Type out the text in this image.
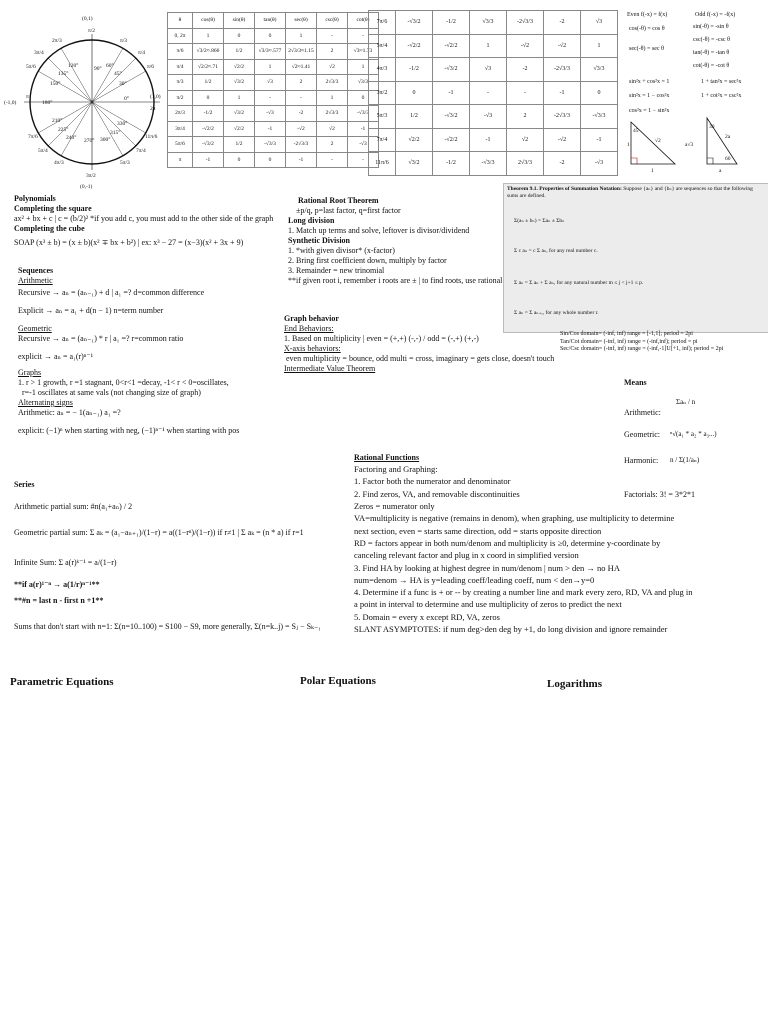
(0,1)
(0,-1)
(-1,0)
(1,0)
90° 60°
45°
30°
0°
330°
315°
300°
270°
240°
225°
210°
180°
150°
135°
120°
π/2
π/3
π/4
π/6
2π
11π/6
7π/4
5π/3
3π/2
4π/3
5π/4
7π/6
π
5π/6
3π/4
2π/3
θ	cos(θ)	sin(θ)	tan(θ)	sec(θ)	csc(θ)	cot(θ)
0, 2π	1	0	0	1	-	-
π/6	√3/2≈.866	1/2	√3/3≈.577	2√3/3≈1.15	2	√3≈1.73
π/4	√2/2≈.71	√2/2	1	√2≈1.41	√2	1
π/3	1/2	√3/2	√3	2	2√3/3	√3/3
π/2	0	1	-	-	1	0
2π/3	-1/2	√3/2	-√3	-2	2√3/3	-√3/3
3π/4	-√2/2	√2/2	-1	-√2	√2	-1
5π/6	-√3/2	1/2	-√3/3	-2√3/3	2	-√3
π	-1	0	0	-1	-	-
7π/6	-√3/2	-1/2	√3/3	-2√3/3	-2	√3
5π/4	-√2/2	-√2/2	1	-√2	-√2	1
4π/3	-1/2	-√3/2	√3	-2	-2√3/3	√3/3
3π/2	0	-1	-	-	-1	0
5π/3	1/2	-√3/2	-√3	2	-2√3/3	-√3/3
7π/4	√2/2	-√2/2	-1	√2	-√2	-1
11π/6	√3/2	-1/2	-√3/3	2√3/3	-2	-√3
Even f(-x) = f(x)	Odd f(-x) = -f(x)
cos(-θ) = cos θ
sec(-θ) = sec θ
sin(-θ) = -sin θ
csc(-θ) = -csc θ
tan(-θ) = -tan θ
cot(-θ) = -cot θ
sin²x + cos²x = 1
sin²x = 1 − cos²x
cos²x = 1 − sin²x
1 + tan²x = sec²x
1 + cot²x = csc²x
45
1
1
√2
30
60
2a
a√3
a
Polynomials
Completing the square
ax² + bx + c | c = (b/2)² *if you add c, you must add to the other side of the graph
Completing the cube
SOAP (x³ ± b) = (x ± b)(x² ∓ bx + b²) | ex: x³ − 27 = (x−3)(x² + 3x + 9)
Sequences
Arithmetic
Recursive → aₙ = (aₙ₋₁) + d | a₁ =? d=common difference
Explicit → aₙ = a₁ + d(n − 1) n=term number
Geometric
Recursive → aₙ = (aₙ₋₁) * r | a₁ =? r=common ratio
explicit → aₙ = a₁(r)ⁿ⁻¹
Graphs
1. r > 1 growth, r =1 stagnant, 0<r<1 =decay, -1< r < 0=oscillates,
r=-1 oscillates at same vals (not changing size of graph)
Alternating signs
Arithmetic: aₙ = − 1(aₙ₋₁) a₁ =?
explicit: (−1)ⁿ when starting with neg, (−1)ⁿ⁻¹ when starting with pos
Series
Arithmetic partial sum: #n(a₁+aₙ) / 2
Geometric partial sum: Σ aₖ = (a₁−aₙ₊₁)/(1−r) = a((1−rⁿ)/(1−r)) if r≠1 | Σ aₖ = (n * a) if r=1
Infinite Sum: Σ a(r)ᵏ⁻¹ = a/(1−r)
**if a(r)¹⁻ⁿ → a(1/r)ⁿ⁻¹**
**#n = last n - first n +1**
Sums that don't start with n=1: Σ(n=10..100) = S100 − S9, more generally, Σ(n=k..j) = Sⱼ − Sₖ₋₁
Rational Root Theorem
±p/q, p=last factor, q=first factor
Long division
1. Match up terms and solve, leftover is divisor/dividend
Synthetic Division
1. *with given divisor* (x-factor)
2. Bring first coefficient down, multiply by factor
3. Remainder = new trinomial
**if given root i, remember i roots are ± | to find roots, use rational
Theorem 9.1. Properties of Summation Notation: Suppose {aₙ} and {bₙ} are sequences so that the following sums are defined.
Σ(aₙ ± bₙ) = Σaₙ ± Σbₙ
Σ c aₙ = c Σ aₙ, for any real number c.
Σ aₙ = Σ aₙ + Σ aₙ, for any natural number m ≤ j < j+1 ≤ p.
Σ aₙ = Σ aₙ₊ᵣ, for any whole number r.
Sin/Cos domain= (-inf, inf) range = [-1,1]; period = 2pi
Tan/Cot domain= (-inf, inf) range = (-inf,inf); period = pi
Sec/Csc domain= (-inf, inf) range = (-inf,-1]U[+1, inf); period = 2pi
Graph behavior
End Behaviors:
1. Based on multiplicity | even = (+,+) (-,-) / odd = (-,+) (+,-)
X-axis behaviors:
even multiplicity = bounce, odd multi = cross, imaginary = gets close, doesn't touch
Intermediate Value Theorem
Means
Σaₙ / n
Arithmetic:
Geometric: ⁿ√(a₁ * a₂ * a₃...)
Harmonic: n / Σ(1/aₙ)
Factorials: 3! = 3*2*1
Rational Functions
Factoring and Graphing:
1. Factor both the numerator and denominator
2. Find zeros, VA, and removable discontinuities
Zeros = numerator only
VA=multiplicity is negative (remains in denom), when graphing, use multiplicity to determine
next section, even = starts same direction, odd = starts opposite direction
RD = factors appear in both num/denom and multiplicity is ≥0, determine y-coordinate by
canceling relevant factor and plug in x coord in simplified version
3. Find HA by looking at highest degree in num/denom | num > den → no HA
num=denom → HA is y=leading coeff/leading coeff, num < den→y=0
4. Determine if a func is + or -- by creating a number line and mark every zero, RD, VA and plug in
a point in interval to determine and use multiplicity of zeros to predict the next
5. Domain = every x except RD, VA, zeros
SLANT ASYMPTOTES: if num deg>den deg by +1, do long division and ignore remainder
Parametric Equations	Polar Equations	Logarithms
